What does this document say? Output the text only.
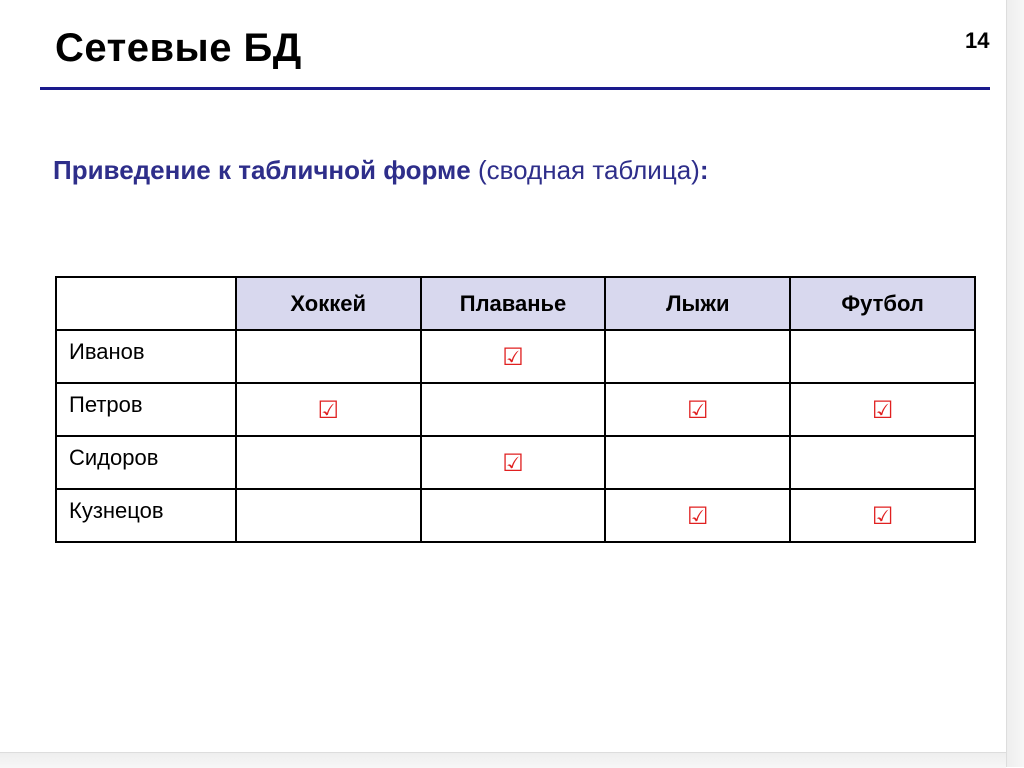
Сетевые БД	14
Приведение к табличной форме (сводная таблица):
	Хоккей	Плаванье	Лыжи	Футбол
Иванов		☑		
Петров	☑		☑	☑
Сидоров		☑		
Кузнецов			☑	☑
